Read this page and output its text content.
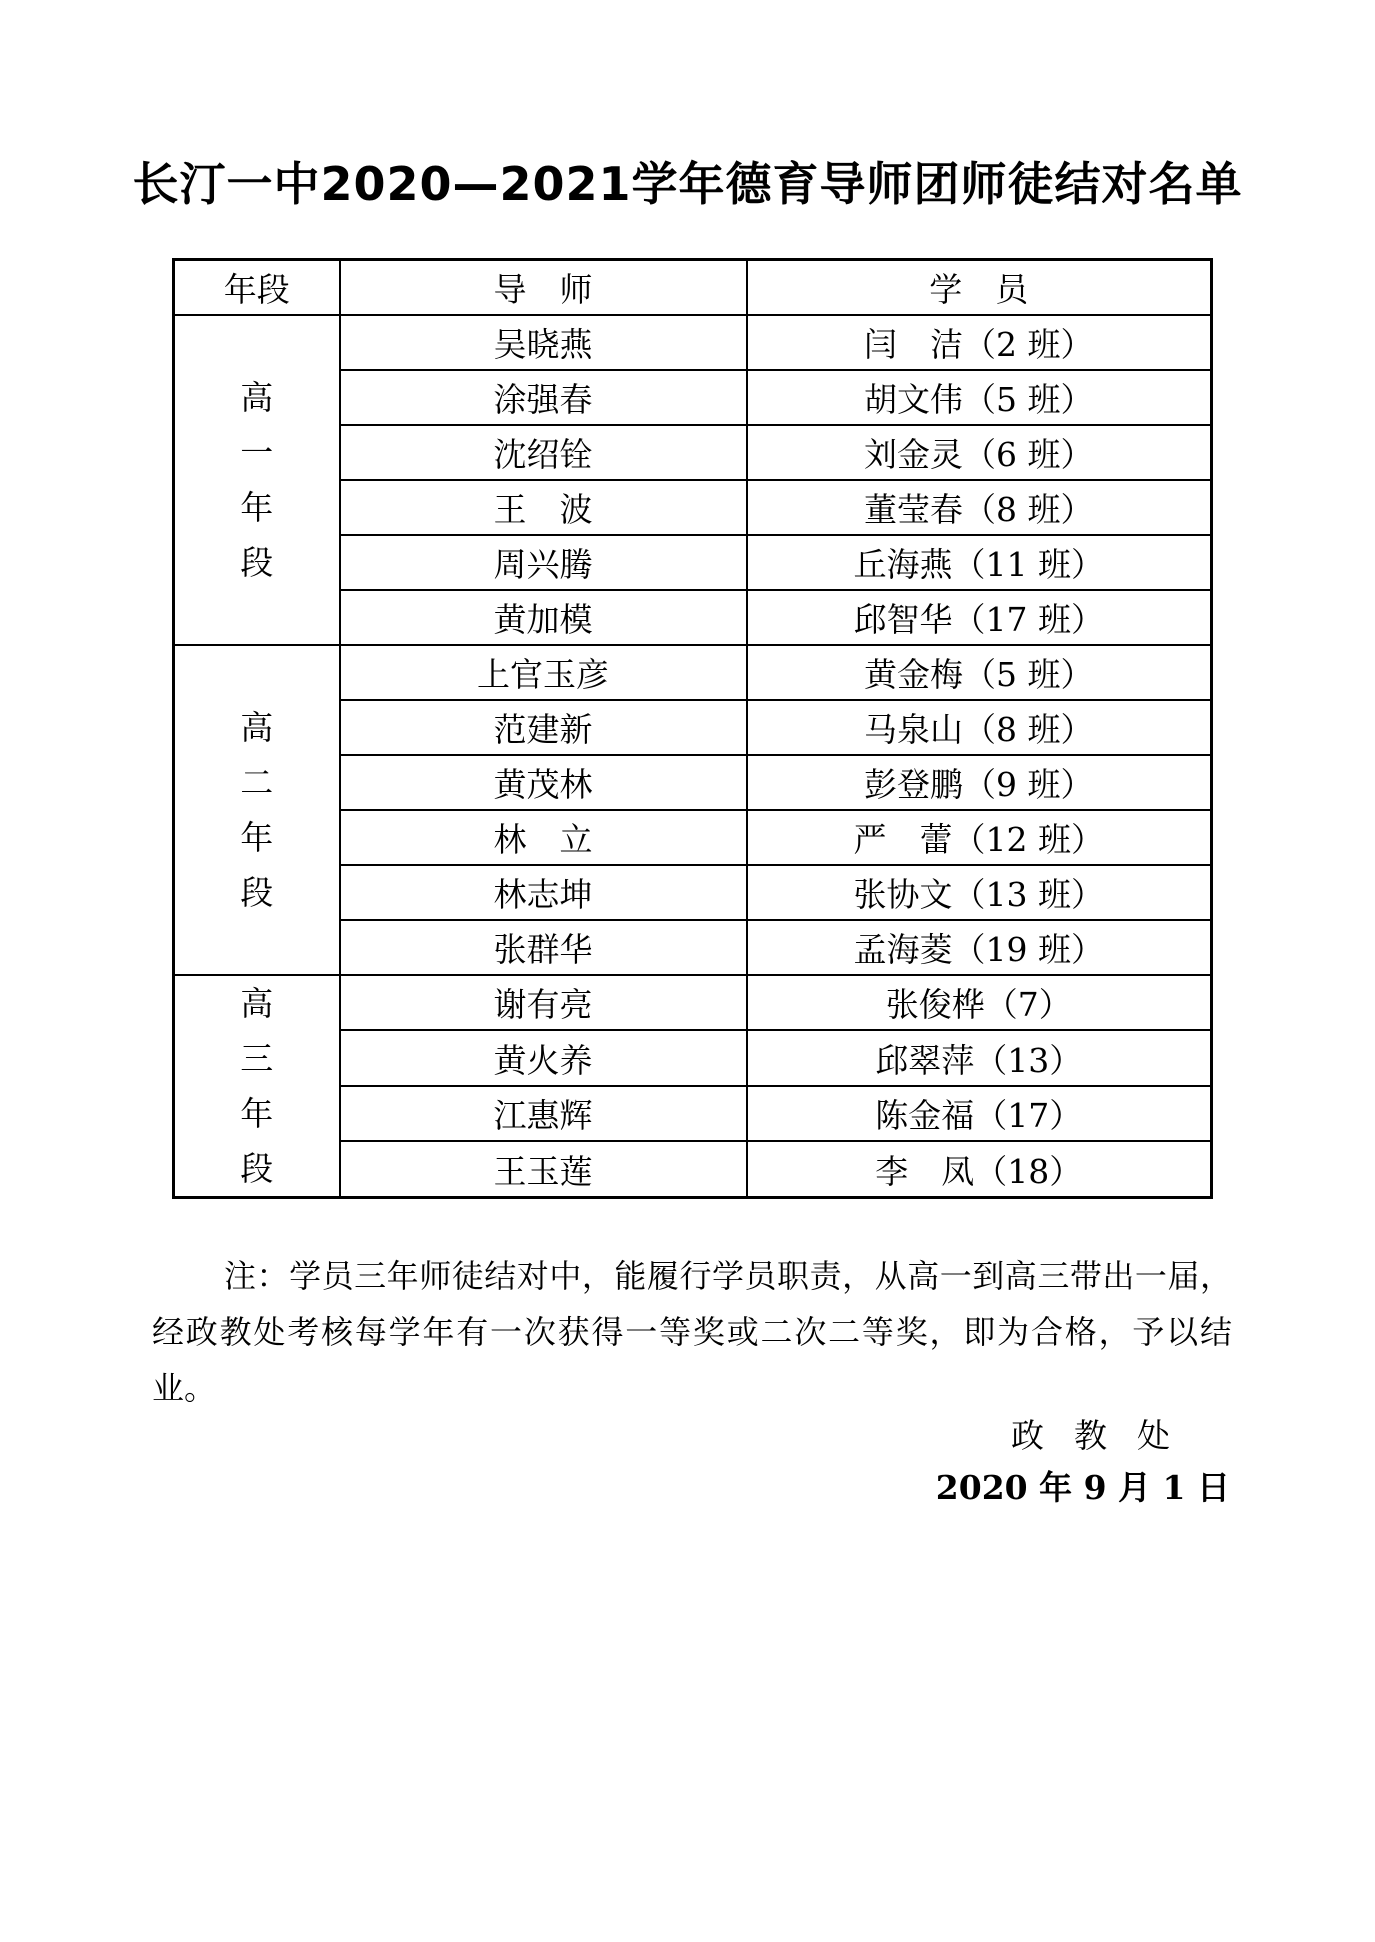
长汀一中2020—2021学年德育导师团师徒结对名单
年段	导　师	学　员

高
一
年
段	吴晓燕	闫　洁（2 班）
	涂强春	胡文伟（5 班）
	沈绍铨	刘金灵（6 班）
	王　波	董莹春（8 班）
	周兴腾	丘海燕（11 班）
	黄加模	邱智华（17 班）

高
二
年
段	上官玉彦	黄金梅（5 班）
	范建新	马泉山（8 班）
	黄茂林	彭登鹏（9 班）
	林　立	严　蕾（12 班）
	林志坤	张协文（13 班）
	张群华	孟海菱（19 班）

高
三
年
段	谢有亮	张俊桦（7）
	黄火养	邱翠萍（13）
	江惠辉	陈金福（17）
	王玉莲	李　凤（18）
注：学员三年师徒结对中，能履行学员职责，从高一到高三带出一届，经政教处考核每学年有一次获得一等奖或二次二等奖，即为合格，予以结业。
政教处
2020 年 9 月 1 日
